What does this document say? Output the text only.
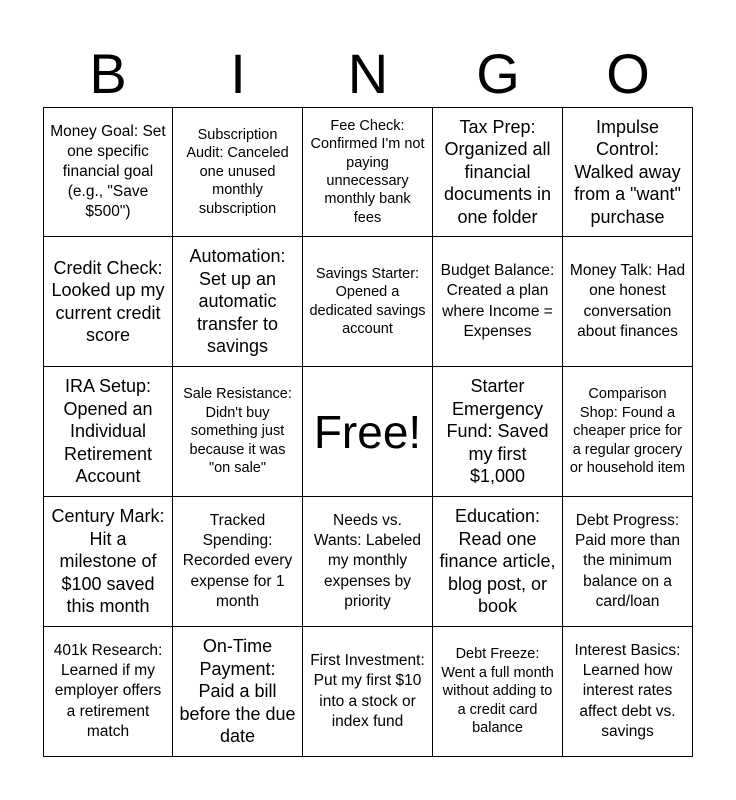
B	I	N	G	O
Money Goal: Set one specific financial goal (e.g., "Save $500")
Subscription Audit: Canceled one unused monthly subscription
Fee Check: Confirmed I'm not paying unnecessary monthly bank fees
Tax Prep: Organized all financial documents in one folder
Impulse Control: Walked away from a "want" purchase
Credit Check: Looked up my current credit score
Automation: Set up an automatic transfer to savings
Savings Starter: Opened a dedicated savings account
Budget Balance: Created a plan where Income = Expenses
Money Talk: Had one honest conversation about finances
IRA Setup: Opened an Individual Retirement Account
Sale Resistance: Didn't buy something just because it was "on sale"
Free!
Starter Emergency Fund: Saved my first $1,000
Comparison Shop: Found a cheaper price for a regular grocery or household item
Century Mark: Hit a milestone of $100 saved this month
Tracked Spending: Recorded every expense for 1 month
Needs vs. Wants: Labeled my monthly expenses by priority
Education: Read one finance article, blog post, or book
Debt Progress: Paid more than the minimum balance on a card/loan
401k Research: Learned if my employer offers a retirement match
On-Time Payment: Paid a bill before the due date
First Investment: Put my first $10 into a stock or index fund
Debt Freeze: Went a full month without adding to a credit card balance
Interest Basics: Learned how interest rates affect debt vs. savings
